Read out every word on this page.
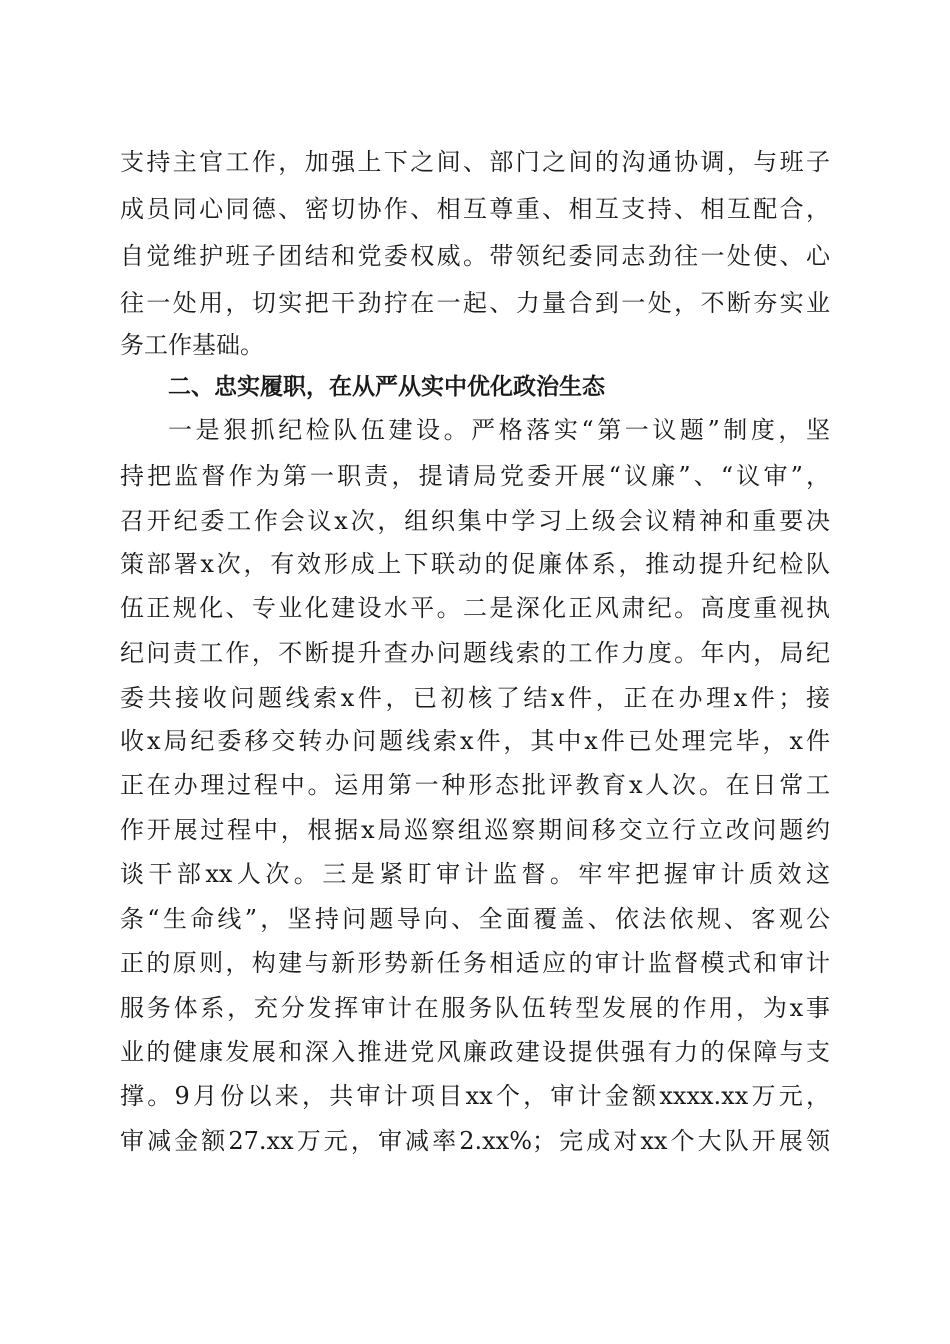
支持主官工作，加强上下之间、部门之间的沟通协调，与班子
成员同心同德、密切协作、相互尊重、相互支持、相互配合，
自觉维护班子团结和党委权威。带领纪委同志劲往一处使、心
往一处用，切实把干劲拧在一起、力量合到一处，不断夯实业
务工作基础。
二、忠实履职，在从严从实中优化政治生态
一是狠抓纪检队伍建设。严格落实“第一议题”制度，坚
持把监督作为第一职责，提请局党委开展“议廉”、“议审”，
召开纪委工作会议x次，组织集中学习上级会议精神和重要决
策部署x次，有效形成上下联动的促廉体系，推动提升纪检队
伍正规化、专业化建设水平。二是深化正风肃纪。高度重视执
纪问责工作，不断提升查办问题线索的工作力度。年内，局纪
委共接收问题线索x件，已初核了结x件，正在办理x件；接
收x局纪委移交转办问题线索x件，其中x件已处理完毕，x件
正在办理过程中。运用第一种形态批评教育x人次。在日常工
作开展过程中，根据x局巡察组巡察期间移交立行立改问题约
谈干部xx人次。三是紧盯审计监督。牢牢把握审计质效这
条“生命线”，坚持问题导向、全面覆盖、依法依规、客观公
正的原则，构建与新形势新任务相适应的审计监督模式和审计
服务体系，充分发挥审计在服务队伍转型发展的作用，为x事
业的健康发展和深入推进党风廉政建设提供强有力的保障与支
撑。9月份以来，共审计项目xx个，审计金额xxxx.xx万元，
审减金额27.xx万元，审减率2.xx%；完成对xx个大队开展领
